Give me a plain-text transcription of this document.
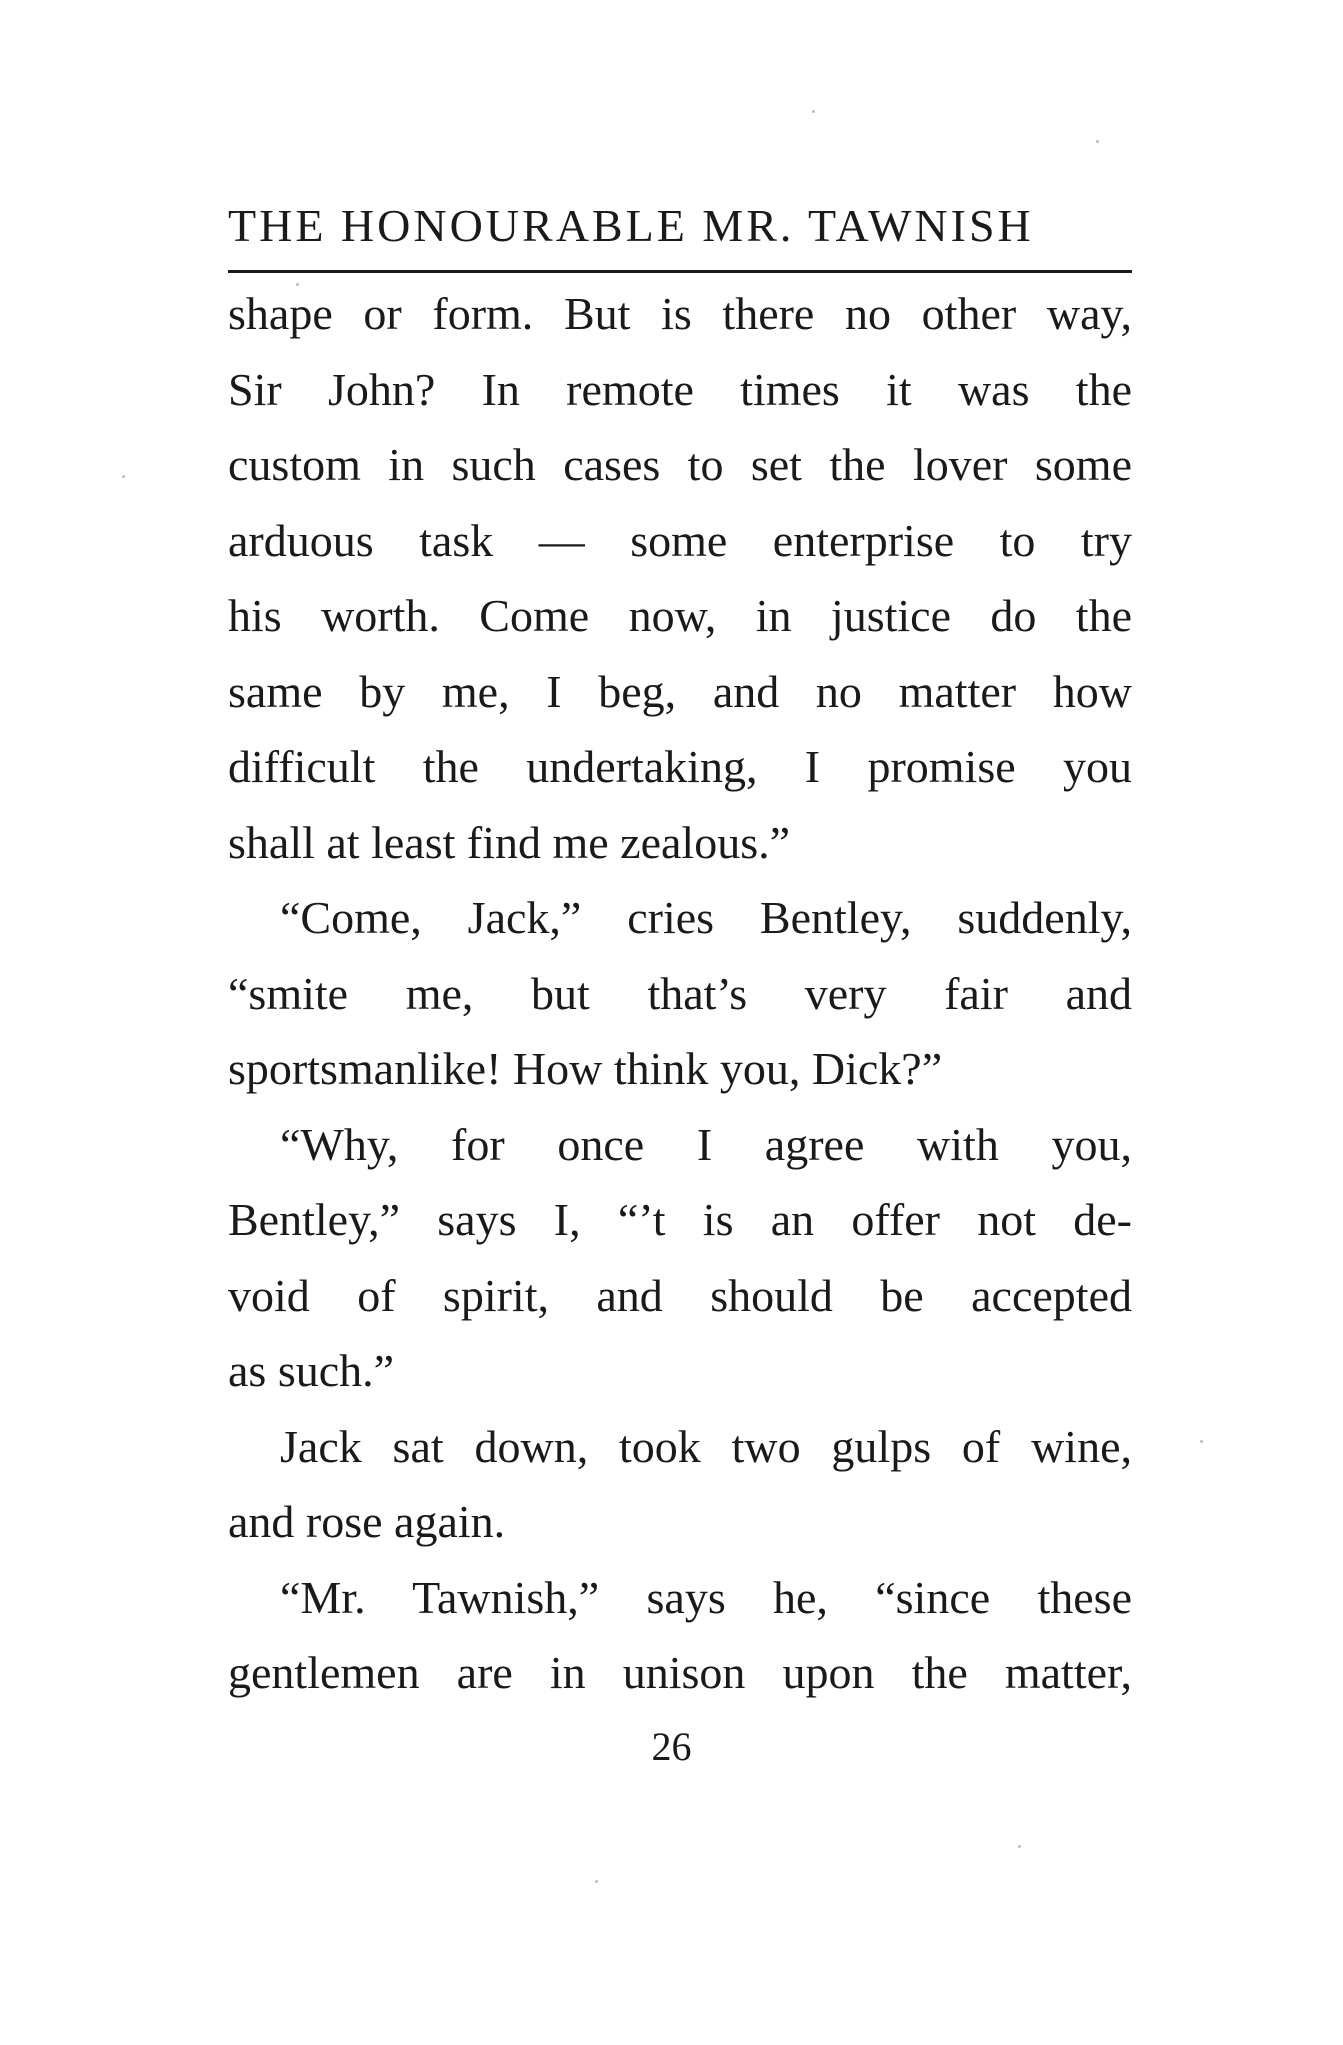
THE HONOURABLE MR. TAWNISH
shape or form. But is there no other way,
Sir John? In remote times it was the
custom in such cases to set the lover some
arduous task — some enterprise to try
his worth. Come now, in justice do the
same by me, I beg, and no matter how
difficult the undertaking, I promise you
shall at least find me zealous.”
“Come, Jack,” cries Bentley, suddenly,
“smite me, but that’s very fair and
sportsmanlike! How think you, Dick?”
“Why, for once I agree with you,
Bentley,” says I, “’t is an offer not de-
void of spirit, and should be accepted
as such.”
Jack sat down, took two gulps of wine,
and rose again.
“Mr. Tawnish,” says he, “since these
gentlemen are in unison upon the matter,
26
